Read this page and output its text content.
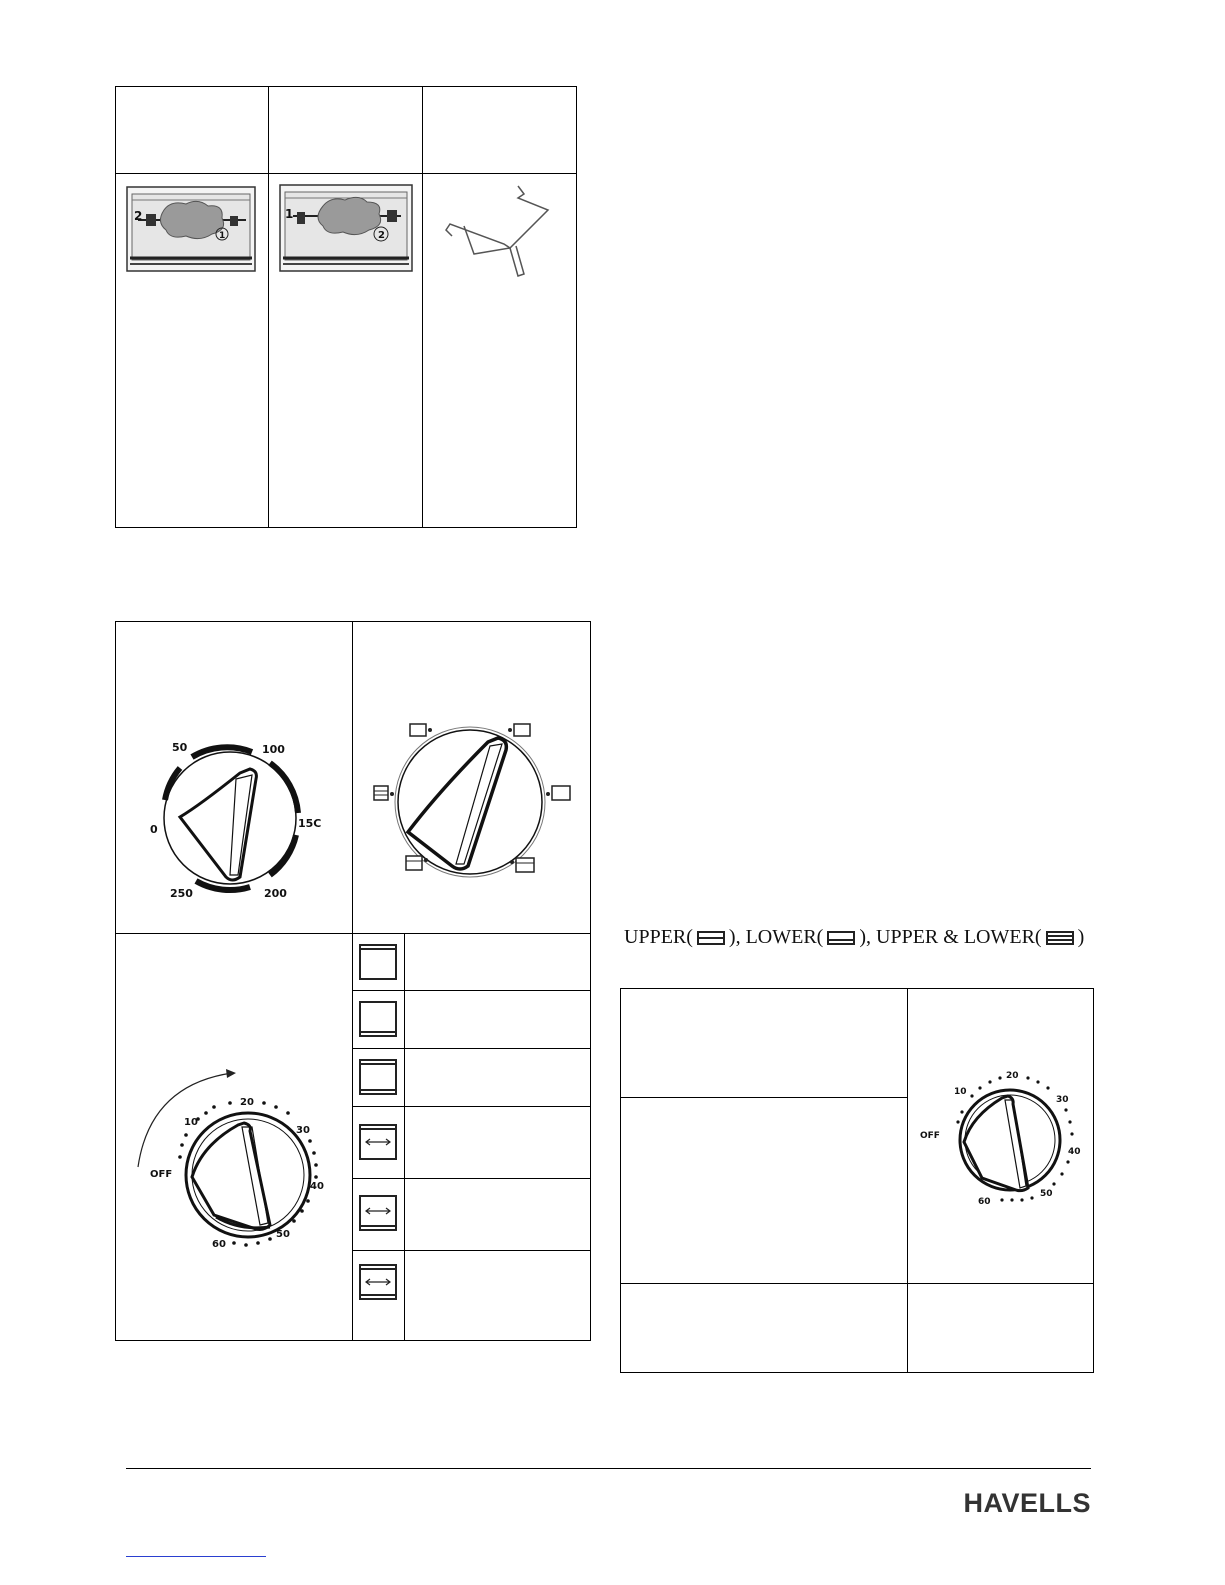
2
1
1
2
0
50	100
15C
200
250
OFF
10
20
30
40
50
60
UPPER( ), LOWER( ), UPPER & LOWER( )
OFF
10
20
30
40
50
60
HAVELLS
